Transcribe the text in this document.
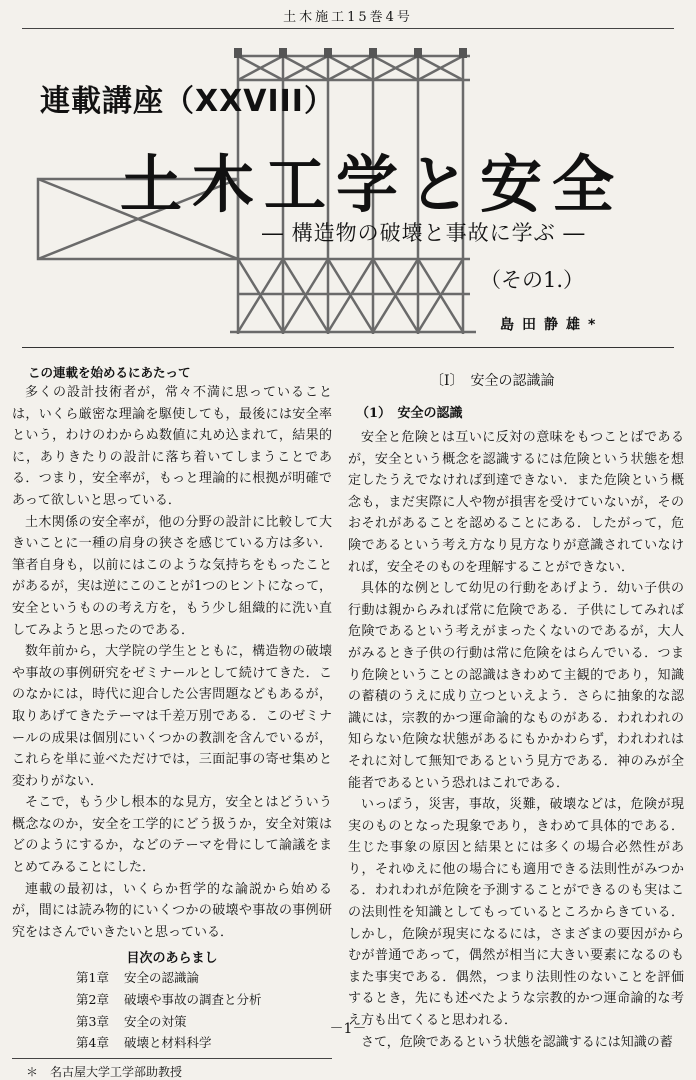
土木施工15巻4号
連載講座（XXVIII）
土木工学と安全
― 構造物の破壊と事故に学ぶ ―
（その1.）
島田静雄*
この連載を始めるにあたって

多くの設計技術者が，常々不満に思っていることは，いくら厳密な理論を駆使しても，最後には安全率という，わけのわからぬ数値に丸め込まれて，結果的に，ありきたりの設計に落ち着いてしまうことである．つまり，安全率が，もっと理論的に根拠が明確であって欲しいと思っている．

土木関係の安全率が，他の分野の設計に比較して大きいことに一種の肩身の狭さを感じている方は多い．筆者自身も，以前にはこのような気持ちをもったことがあるが，実は逆にこのことが1つのヒントになって，安全というものの考え方を，もう少し組織的に洗い直してみようと思ったのである．

数年前から，大学院の学生とともに，構造物の破壊や事故の事例研究をゼミナールとして続けてきた．このなかには，時代に迎合した公害問題などもあるが，取りあげてきたテーマは千差万別である．このゼミナールの成果は個別にいくつかの教訓を含んでいるが，これらを単に並べただけでは，三面記事の寄せ集めと変わりがない．

そこで，もう少し根本的な見方，安全とはどういう概念なのか，安全を工学的にどう扱うか，安全対策はどのようにするか，などのテーマを骨にして論議をまとめてみることにした．

連載の最初は，いくらか哲学的な論説から始めるが，間には読み物的にいくつかの破壊や事故の事例研究をはさんでいきたいと思っている．

目次のあらまし
第1章 安全の認識論
第2章 破壊や事故の調査と分析
第3章 安全の対策
第4章 破壊と材料科学
＊　名古屋大学工学部助教授
〔Ⅰ〕　安全の認識論
（1）　安全の認識

安全と危険とは互いに反対の意味をもつことばであるが，安全という概念を認識するには危険という状態を想定したうえでなければ到達できない．また危険という概念も，まだ実際に人や物が損害を受けていないが，そのおそれがあることを認めることにある．したがって，危険であるという考え方なり見方なりが意識されていなければ，安全そのものを理解することができない．

具体的な例として幼児の行動をあげよう．幼い子供の行動は親からみれば常に危険である．子供にしてみれば危険であるという考えがまったくないのであるが，大人がみるとき子供の行動は常に危険をはらんでいる．つまり危険ということの認識はきわめて主観的であり，知識の蓄積のうえに成り立つといえよう．さらに抽象的な認識には，宗教的かつ運命論的なものがある．われわれの知らない危険な状態があるにもかかわらず，われわれはそれに対して無知であるという見方である．神のみが全能者であるという恐れはこれである．

いっぽう，災害，事故，災難，破壊などは，危険が現実のものとなった現象であり，きわめて具体的である．生じた事象の原因と結果とには多くの場合必然性があり，それゆえに他の場合にも適用できる法則性がみつかる．われわれが危険を予測することができるのも実はこの法則性を知識としてもっているところからきている．しかし，危険が現実になるには，さまざまの要因がからむが普通であって，偶然が相当に大きい要素になるのもまた事実である．偶然，つまり法則性のないことを評価するとき，先にも述べたような宗教的かつ運命論的な考え方も出てくると思われる．

さて，危険であるという状態を認識するには知識の蓄

－1－
